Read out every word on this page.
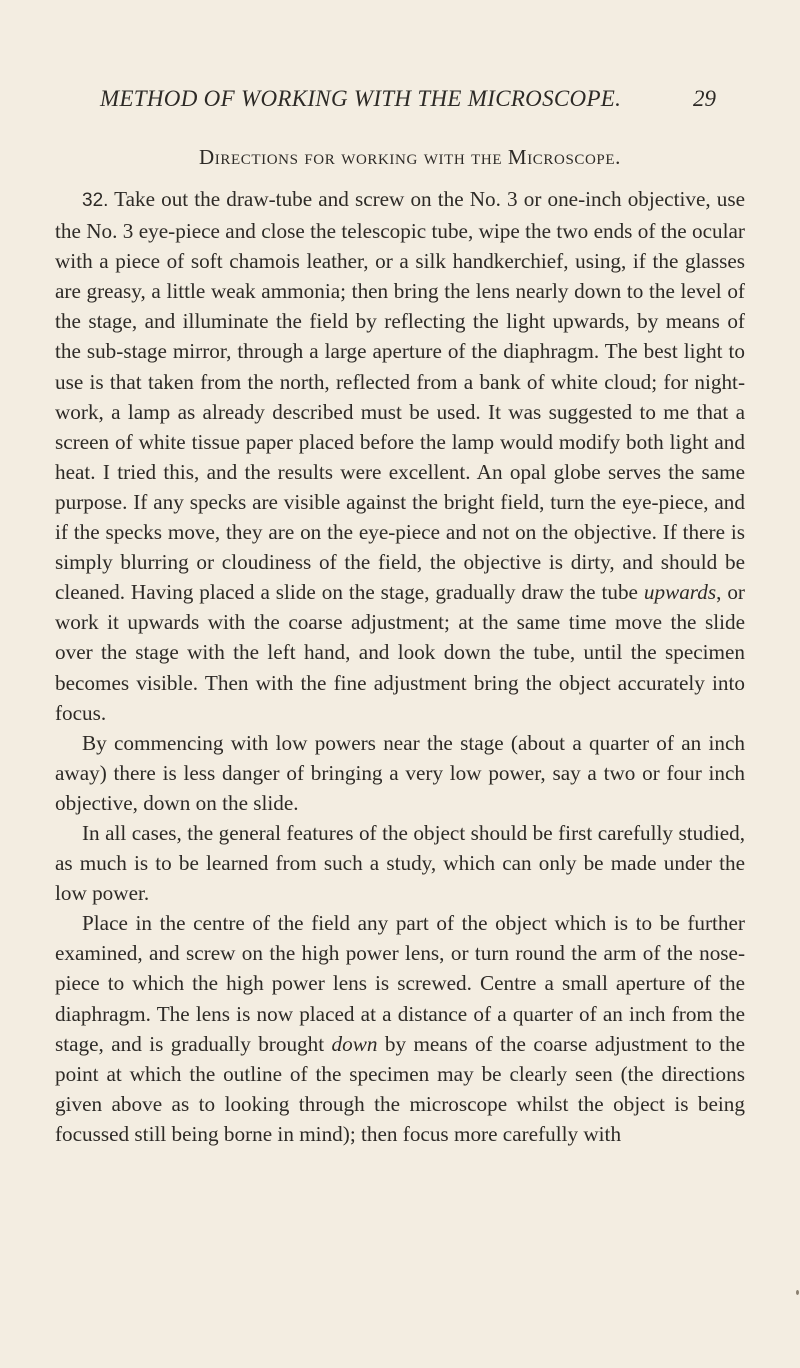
METHOD OF WORKING WITH THE MICROSCOPE.	29
Directions for working with the Microscope.

32. Take out the draw-tube and screw on the No. 3 or one-inch objective, use the No. 3 eye-piece and close the telescopic tube, wipe the two ends of the ocular with a piece of soft chamois leather, or a silk handkerchief, using, if the glasses are greasy, a little weak ammonia; then bring the lens nearly down to the level of the stage, and illuminate the field by reflecting the light upwards, by means of the sub-stage mirror, through a large aperture of the diaphragm. The best light to use is that taken from the north, reflected from a bank of white cloud; for night-work, a lamp as already described must be used. It was suggested to me that a screen of white tissue paper placed before the lamp would modify both light and heat. I tried this, and the results were excellent. An opal globe serves the same purpose. If any specks are visible against the bright field, turn the eye-piece, and if the specks move, they are on the eye-piece and not on the objective. If there is simply blurring or cloudiness of the field, the objective is dirty, and should be cleaned. Having placed a slide on the stage, gradually draw the tube upwards, or work it upwards with the coarse adjustment; at the same time move the slide over the stage with the left hand, and look down the tube, until the specimen becomes visible. Then with the fine adjustment bring the object accurately into focus.

By commencing with low powers near the stage (about a quarter of an inch away) there is less danger of bringing a very low power, say a two or four inch objective, down on the slide.

In all cases, the general features of the object should be first carefully studied, as much is to be learned from such a study, which can only be made under the low power.

Place in the centre of the field any part of the object which is to be further examined, and screw on the high power lens, or turn round the arm of the nose-piece to which the high power lens is screwed. Centre a small aperture of the diaphragm. The lens is now placed at a distance of a quarter of an inch from the stage, and is gradually brought down by means of the coarse adjustment to the point at which the outline of the specimen may be clearly seen (the directions given above as to looking through the microscope whilst the object is being focussed still being borne in mind); then focus more carefully with
